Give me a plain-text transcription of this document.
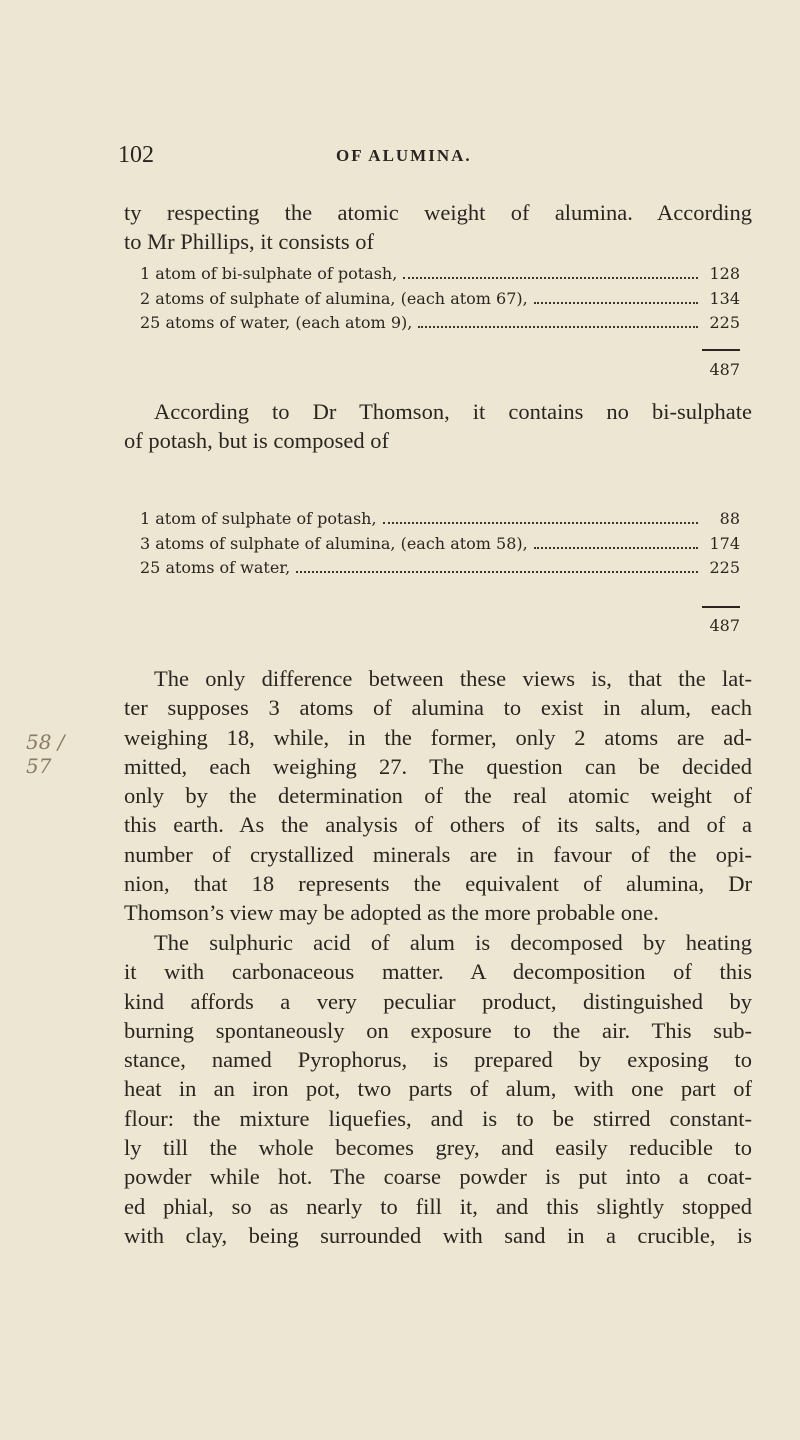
102	OF ALUMINA.
ty respecting the atomic weight of alumina. According
to Mr Phillips, it consists of
1 atom of bi-sulphate of potash,	128
2 atoms of sulphate of alumina, (each atom 67),	134
25 atoms of water, (each atom 9),	225
487
According to Dr Thomson, it contains no bi-sulphate
of potash, but is composed of
1 atom of sulphate of potash,	88
3 atoms of sulphate of alumina, (each atom 58),	174
25 atoms of water,	225
487
The only difference between these views is, that the lat-
ter supposes 3 atoms of alumina to exist in alum, each
weighing 18, while, in the former, only 2 atoms are ad-
mitted, each weighing 27. The question can be decided
only by the determination of the real atomic weight of
this earth. As the analysis of others of its salts, and of a
number of crystallized minerals are in favour of the opi-
nion, that 18 represents the equivalent of alumina, Dr
Thomson’s view may be adopted as the more probable one.
The sulphuric acid of alum is decomposed by heating
it with carbonaceous matter. A decomposition of this
kind affords a very peculiar product, distinguished by
burning spontaneously on exposure to the air. This sub-
stance, named Pyrophorus, is prepared by exposing to
heat in an iron pot, two parts of alum, with one part of
flour: the mixture liquefies, and is to be stirred constant-
ly till the whole becomes grey, and easily reducible to
powder while hot. The coarse powder is put into a coat-
ed phial, so as nearly to fill it, and this slightly stopped
with clay, being surrounded with sand in a crucible, is
58 / 57
